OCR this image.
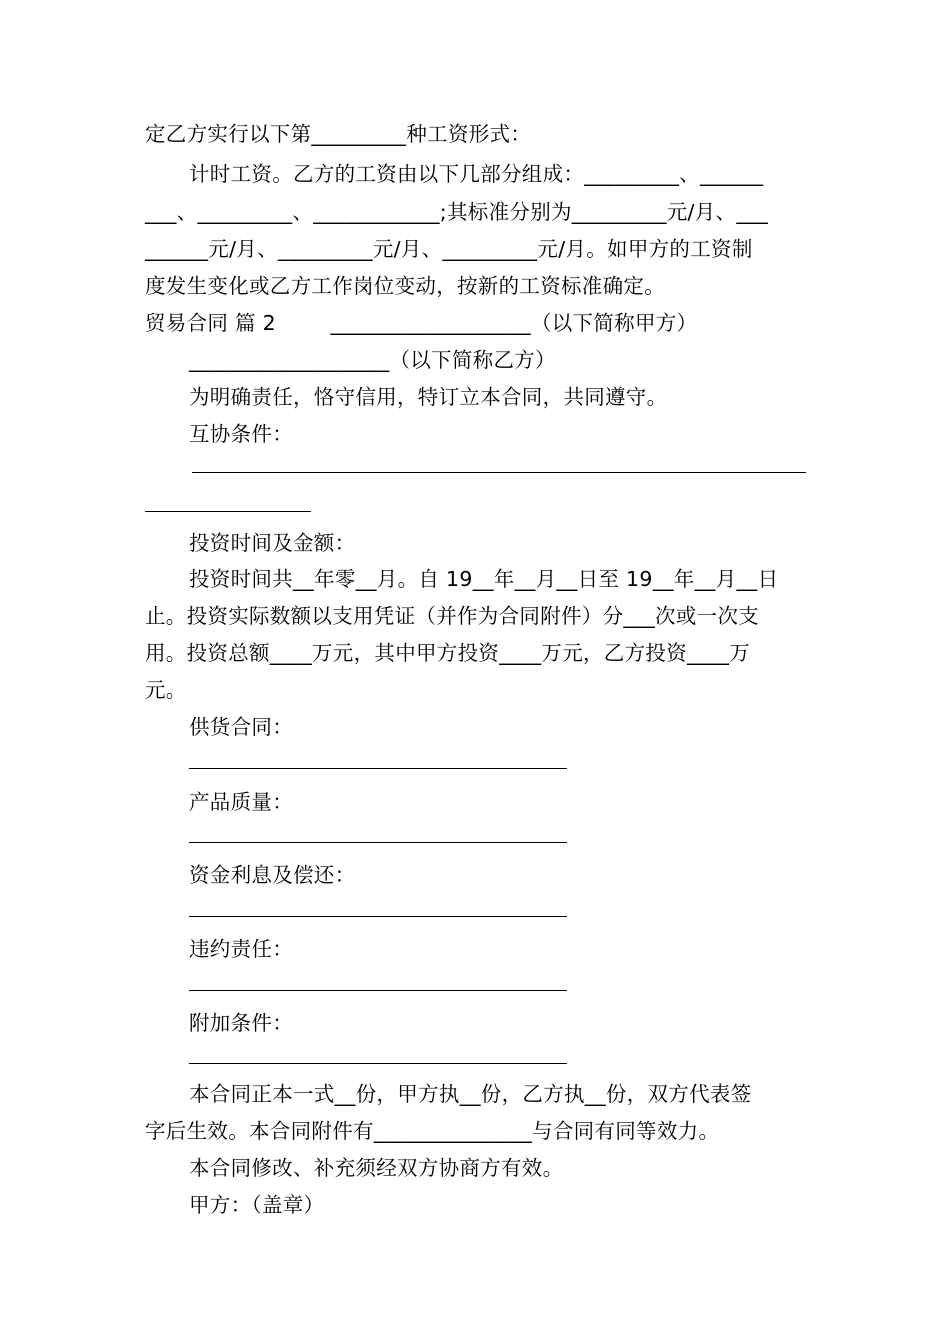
定乙方实行以下第_________种工资形式：
计时工资。乙方的工资由以下几部分组成：_________、______
___、_________、____________;其标准分别为_________元/月、___
______元/月、_________元/月、_________元/月。如甲方的工资制
度发生变化或乙方工作岗位变动，按新的工资标准确定。
贸易合同 篇 2        ___________________（以下简称甲方）
___________________（以下简称乙方）
为明确责任，恪守信用，特订立本合同，共同遵守。
互协条件：
投资时间及金额：
投资时间共__年零__月。自 19__年__月__日至 19__年__月__日
止。投资实际数额以支用凭证（并作为合同附件）分___次或一次支
用。投资总额____万元，其中甲方投资____万元，乙方投资____万
元。
供货合同：
产品质量：
资金利息及偿还：
违约责任：
附加条件：
本合同正本一式__份，甲方执__份，乙方执__份，双方代表签
字后生效。本合同附件有_______________与合同有同等效力。
本合同修改、补充须经双方协商方有效。
甲方：（盖章）
